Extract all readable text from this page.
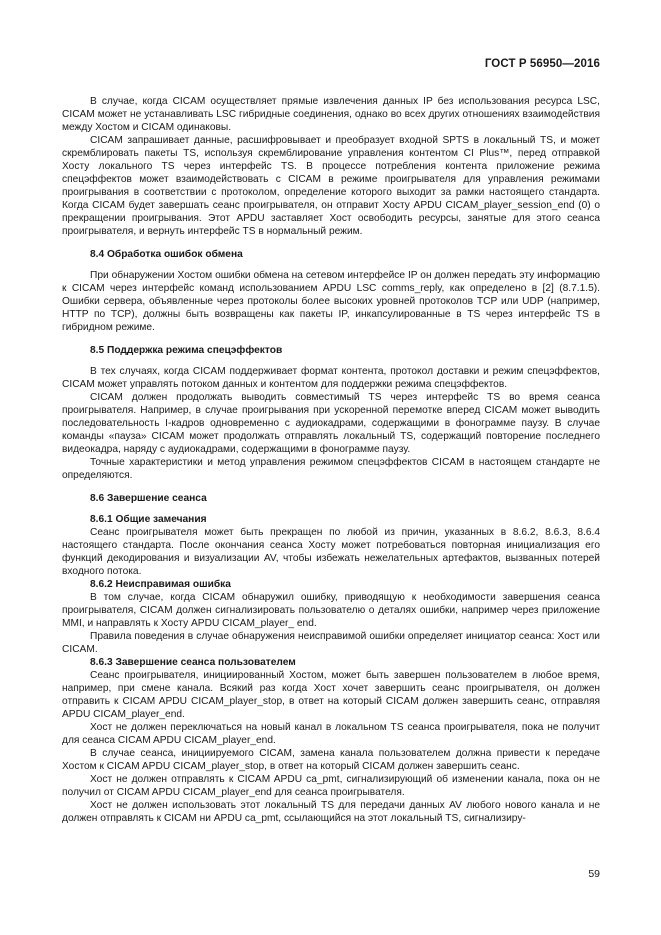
ГОСТ Р 56950—2016

В случае, когда CICAM осуществляет прямые извлечения данных IP без использования ресурса LSC, CICAM может не устанавливать LSC гибридные соединения, однако во всех других отношениях взаимодействия между Хостом и CICAM одинаковы.

CICAM запрашивает данные, расшифровывает и преобразует входной SPTS в локальный TS, и может скремблировать пакеты TS, используя скремблирование управления контентом CI Plus™, перед отправкой Хосту локального TS через интерфейс TS. В процессе потребления контента приложение режима спецэффектов может взаимодействовать с CICAM в режиме проигрывателя для управления режимами проигрывания в соответствии с протоколом, определение которого выходит за рамки настоящего стандарта. Когда CICAM будет завершать сеанс проигрывателя, он отправит Хосту APDU CICAM_player_session_end (0) о прекращении проигрывания. Этот APDU заставляет Хост освободить ресурсы, занятые для этого сеанса проигрывателя, и вернуть интерфейс TS в нормальный режим.

8.4 Обработка ошибок обмена

При обнаружении Хостом ошибки обмена на сетевом интерфейсе IP он должен передать эту информацию к CICAM через интерфейс команд использованием APDU LSC comms_reply, как определено в [2] (8.7.1.5). Ошибки сервера, объявленные через протоколы более высоких уровней протоколов TCP или UDP (например, HTTP по TCP), должны быть возвращены как пакеты IP, инкапсулированные в TS через интерфейс TS в гибридном режиме.

8.5 Поддержка режима спецэффектов

В тех случаях, когда CICAM поддерживает формат контента, протокол доставки и режим спецэффектов, CICAM может управлять потоком данных и контентом для поддержки режима спецэффектов.

CICAM должен продолжать выводить совместимый TS через интерфейс TS во время сеанса проигрывателя. Например, в случае проигрывания при ускоренной перемотке вперед CICAM может выводить последовательность I-кадров одновременно с аудиокадрами, содержащими в фонограмме паузу. В случае команды «пауза» CICAM может продолжать отправлять локальный TS, содержащий повторение последнего видеокадра, наряду с аудиокадрами, содержащими в фонограмме паузу.

Точные характеристики и метод управления режимом спецэффектов CICAM в настоящем стандарте не определяются.

8.6 Завершение сеанса

8.6.1 Общие замечания

Сеанс проигрывателя может быть прекращен по любой из причин, указанных в 8.6.2, 8.6.3, 8.6.4 настоящего стандарта. После окончания сеанса Хосту может потребоваться повторная инициализация его функций декодирования и визуализации AV, чтобы избежать нежелательных артефактов, вызванных потерей входного потока.

8.6.2 Неисправимая ошибка

В том случае, когда CICAM обнаружил ошибку, приводящую к необходимости завершения сеанса проигрывателя, CICAM должен сигнализировать пользователю о деталях ошибки, например через приложение MMI, и направлять к Хосту APDU CICAM_player_ end.

Правила поведения в случае обнаружения неисправимой ошибки определяет инициатор сеанса: Хост или CICAM.

8.6.3 Завершение сеанса пользователем

Сеанс проигрывателя, инициированный Хостом, может быть завершен пользователем в любое время, например, при смене канала. Всякий раз когда Хост хочет завершить сеанс проигрывателя, он должен отправить к CICAM APDU CICAM_player_stop, в ответ на который CICAM должен завершить сеанс, отправляя APDU CICAM_player_end.

Хост не должен переключаться на новый канал в локальном TS сеанса проигрывателя, пока не получит для сеанса CICAM APDU CICAM_player_end.

В случае сеанса, инициируемого CICAM, замена канала пользователем должна привести к передаче Хостом к CICAM APDU CICAM_player_stop, в ответ на который CICAM должен завершить сеанс.

Хост не должен отправлять к CICAM APDU ca_pmt, сигнализирующий об изменении канала, пока он не получил от CICAM APDU CICAM_player_end для сеанса проигрывателя.

Хост не должен использовать этот локальный TS для передачи данных AV любого нового канала и не должен отправлять к CICAM ни APDU ca_pmt, ссылающийся на этот локальный TS, сигнализиру-

59
